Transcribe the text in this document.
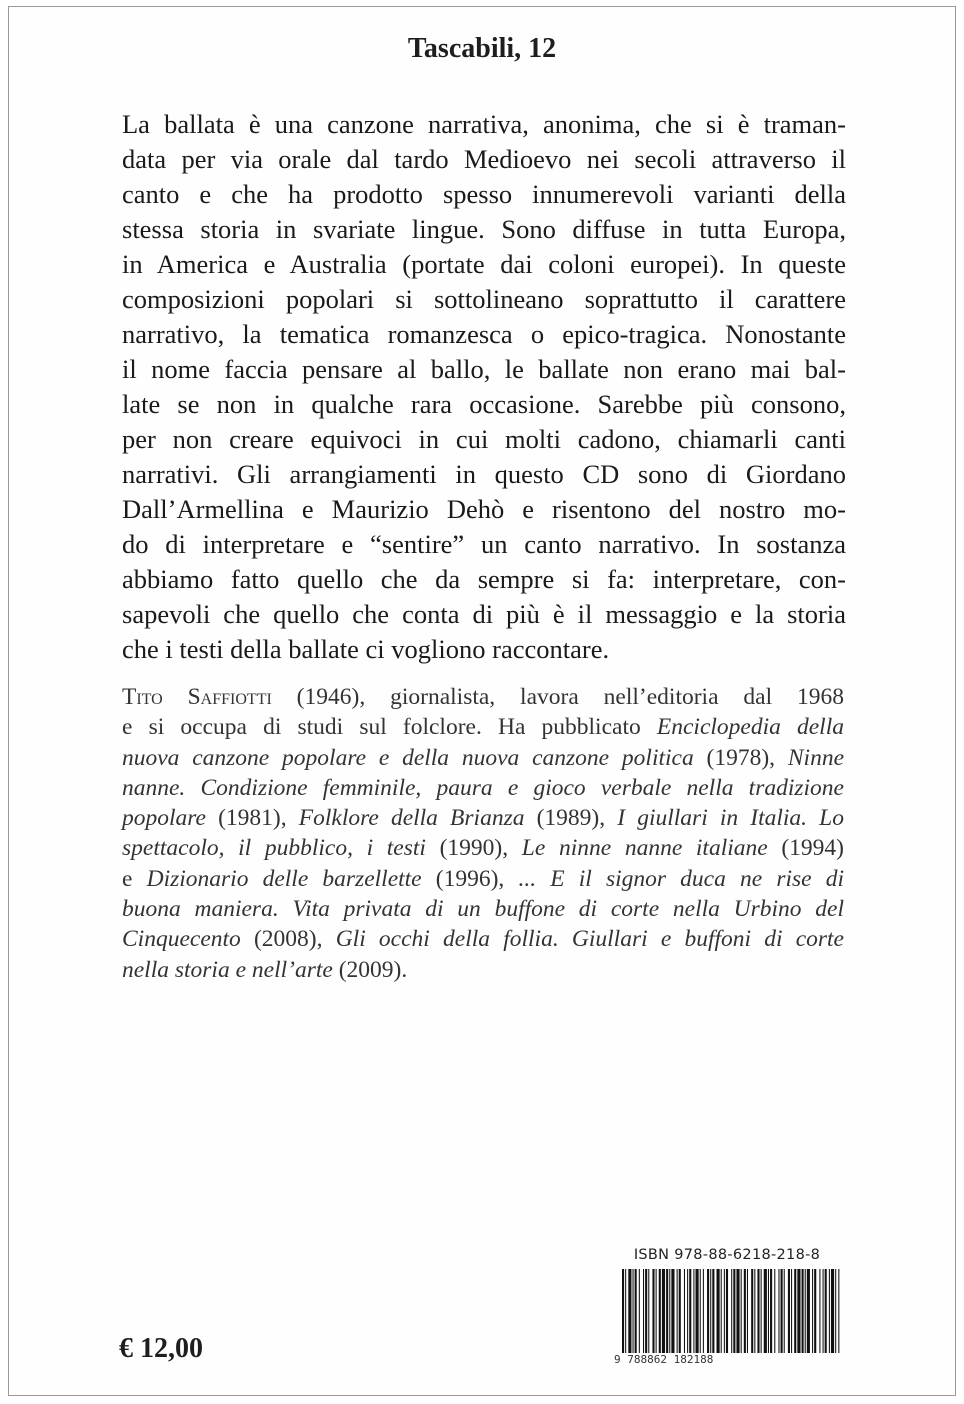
Tascabili, 12

La ballata è una canzone narrativa, anonima, che si è traman-
data per via orale dal tardo Medioevo nei secoli attraverso il
canto e che ha prodotto spesso innumerevoli varianti della
stessa storia in svariate lingue. Sono diffuse in tutta Europa,
in America e Australia (portate dai coloni europei). In queste
composizioni popolari si sottolineano soprattutto il carattere
narrativo, la tematica romanzesca o epico-tragica. Nonostante
il nome faccia pensare al ballo, le ballate non erano mai bal-
late se non in qualche rara occasione. Sarebbe più consono,
per non creare equivoci in cui molti cadono, chiamarli canti
narrativi. Gli arrangiamenti in questo CD sono di Giordano
Dall’Armellina e Maurizio Dehò e risentono del nostro mo-
do di interpretare e “sentire” un canto narrativo. In sostanza
abbiamo fatto quello che da sempre si fa: interpretare, con-
sapevoli che quello che conta di più è il messaggio e la storia
che i testi della ballate ci vogliono raccontare.
Tito Saffiotti (1946), giornalista, lavora nell’editoria dal 1968
e si occupa di studi sul folclore. Ha pubblicato Enciclopedia della
nuova canzone popolare e della nuova canzone politica (1978), Ninne
nanne. Condizione femminile, paura e gioco verbale nella tradizione
popolare (1981), Folklore della Brianza (1989), I giullari in Italia. Lo
spettacolo, il pubblico, i testi (1990), Le ninne nanne italiane (1994)
e Dizionario delle barzellette (1996), ... E il signor duca ne rise di
buona maniera. Vita privata di un buffone di corte nella Urbino del
Cinquecento (2008), Gli occhi della follia. Giullari e buffoni di corte
nella storia e nell’arte (2009).

€ 12,00

ISBN 978-88-6218-218-8

9 788862 182188
